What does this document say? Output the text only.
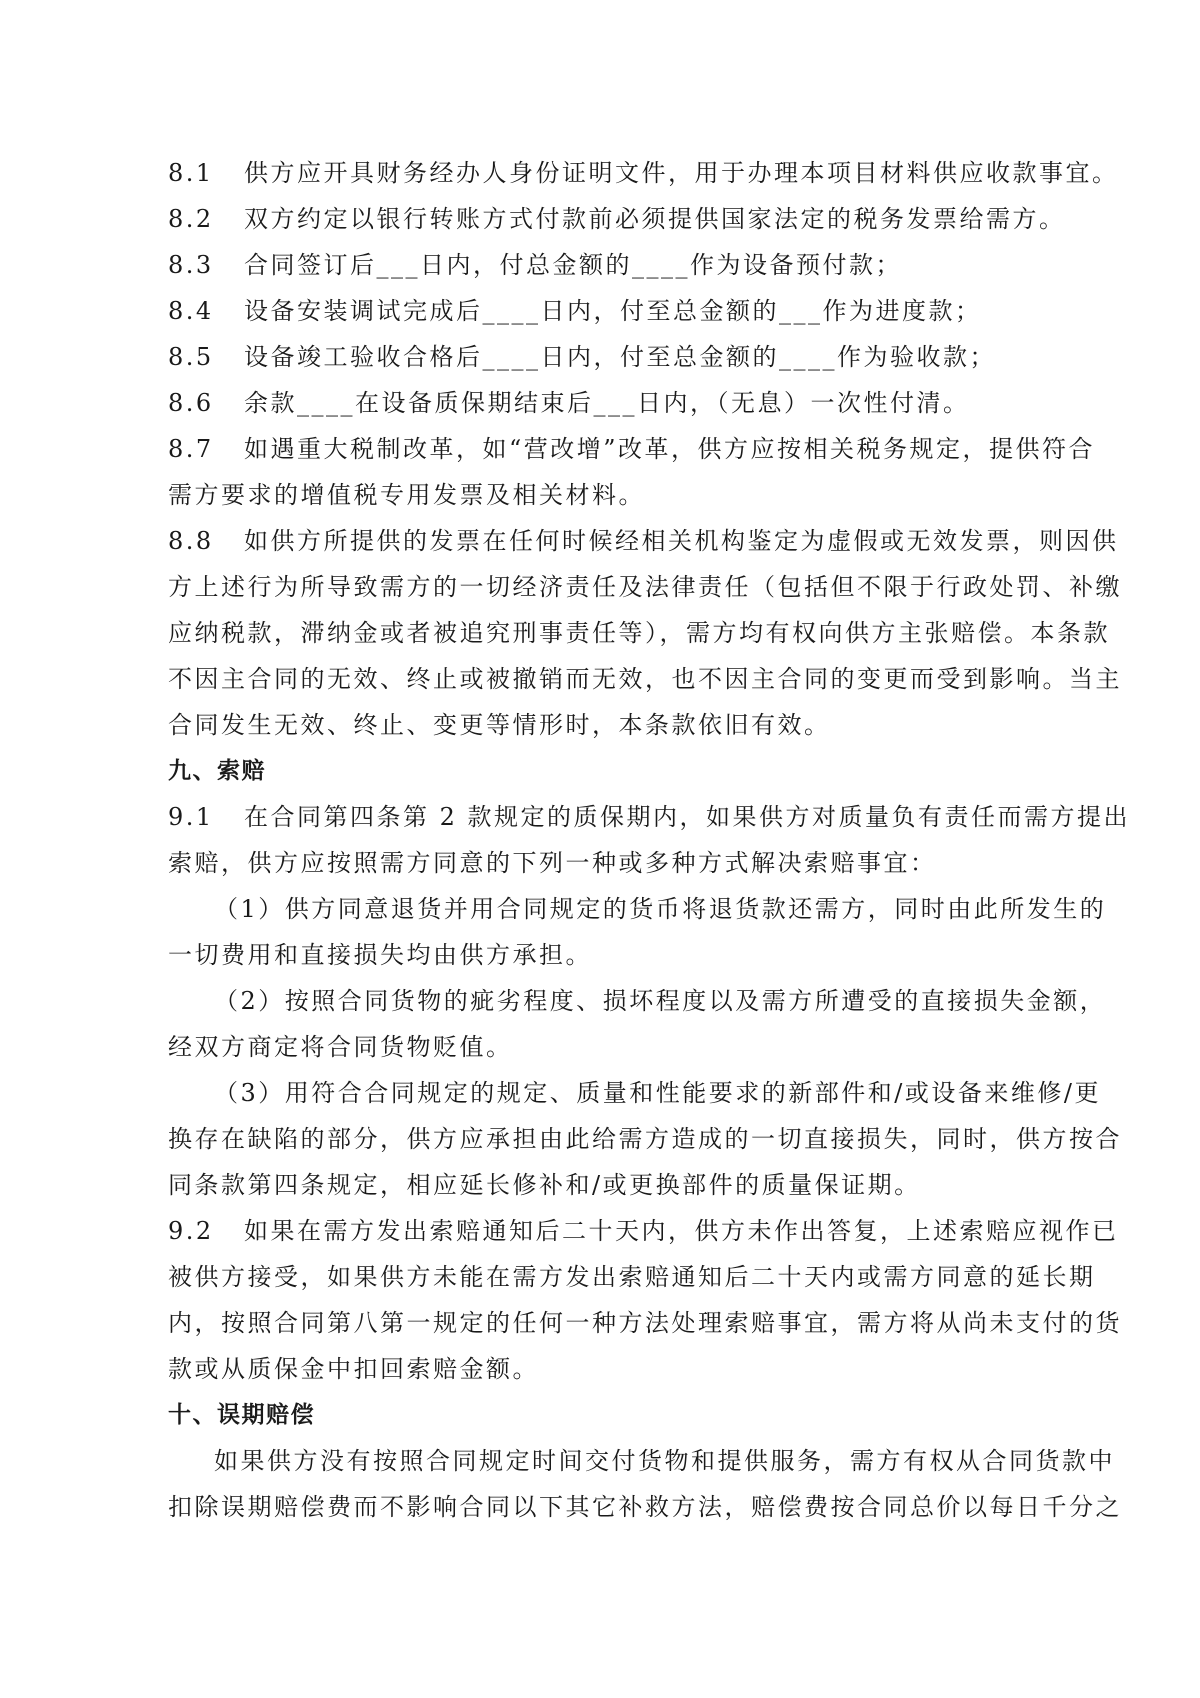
8.1 供方应开具财务经办人身份证明文件，用于办理本项目材料供应收款事宜。
8.2 双方约定以银行转账方式付款前必须提供国家法定的税务发票给需方。
8.3 合同签订后___日内，付总金额的____作为设备预付款；
8.4 设备安装调试完成后____日内，付至总金额的___作为进度款；
8.5 设备竣工验收合格后____日内，付至总金额的____作为验收款；
8.6 余款____在设备质保期结束后___日内，（无息）一次性付清。
8.7 如遇重大税制改革，如“营改增”改革，供方应按相关税务规定，提供符合
需方要求的增值税专用发票及相关材料。
8.8 如供方所提供的发票在任何时候经相关机构鉴定为虚假或无效发票，则因供
方上述行为所导致需方的一切经济责任及法律责任（包括但不限于行政处罚、补缴
应纳税款，滞纳金或者被追究刑事责任等），需方均有权向供方主张赔偿。本条款
不因主合同的无效、终止或被撤销而无效，也不因主合同的变更而受到影响。当主
合同发生无效、终止、变更等情形时，本条款依旧有效。
九、索赔
9.1 在合同第四条第 2 款规定的质保期内，如果供方对质量负有责任而需方提出
索赔，供方应按照需方同意的下列一种或多种方式解决索赔事宜：
（1）供方同意退货并用合同规定的货币将退货款还需方，同时由此所发生的
一切费用和直接损失均由供方承担。
（2）按照合同货物的疵劣程度、损坏程度以及需方所遭受的直接损失金额，
经双方商定将合同货物贬值。
（3）用符合合同规定的规定、质量和性能要求的新部件和/或设备来维修/更
换存在缺陷的部分，供方应承担由此给需方造成的一切直接损失，同时，供方按合
同条款第四条规定，相应延长修补和/或更换部件的质量保证期。
9.2 如果在需方发出索赔通知后二十天内，供方未作出答复，上述索赔应视作已
被供方接受，如果供方未能在需方发出索赔通知后二十天内或需方同意的延长期
内，按照合同第八第一规定的任何一种方法处理索赔事宜，需方将从尚未支付的货
款或从质保金中扣回索赔金额。
十、误期赔偿
如果供方没有按照合同规定时间交付货物和提供服务，需方有权从合同货款中
扣除误期赔偿费而不影响合同以下其它补救方法，赔偿费按合同总价以每日千分之
